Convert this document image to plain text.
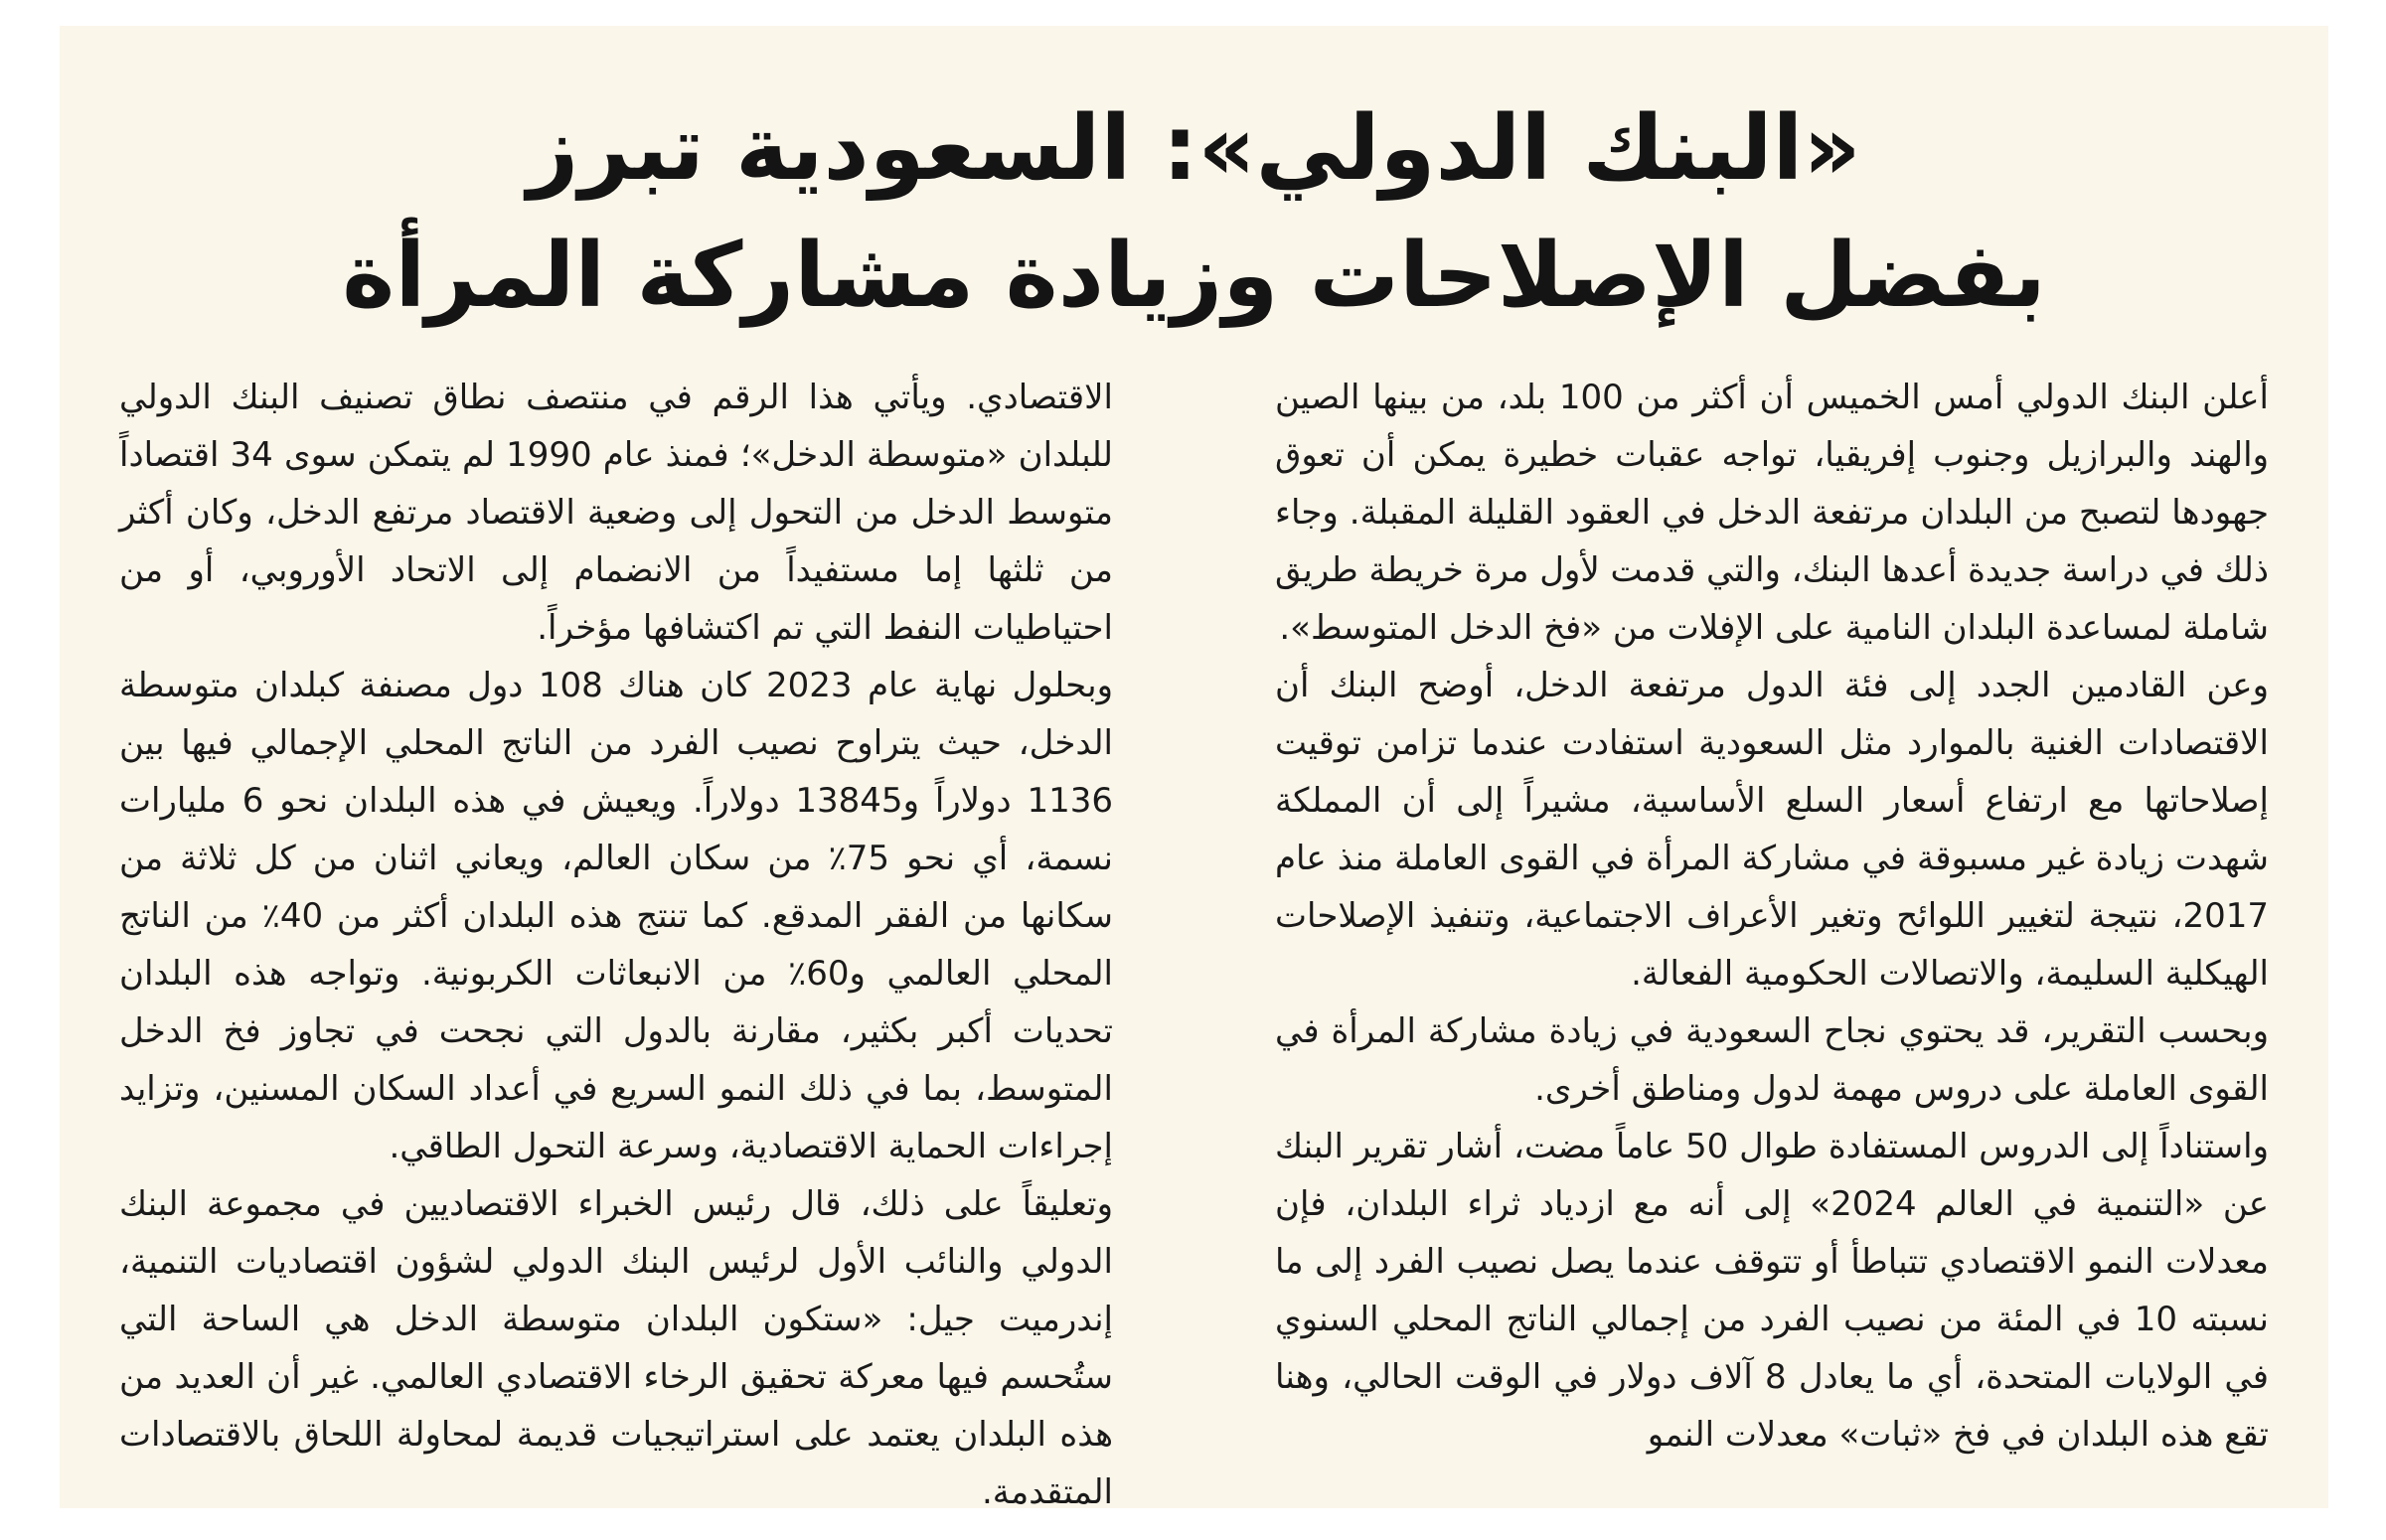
«البنك الدولي»: السعودية تبرز
بفضل الإصلاحات وزيادة مشاركة المرأة

أعلن البنك الدولي أمس الخميس أن أكثر من 100 بلد، من بينها الصين والهند والبرازيل وجنوب إفريقيا، تواجه عقبات خطيرة يمكن أن تعوق جهودها لتصبح من البلدان مرتفعة الدخل في العقود القليلة المقبلة. وجاء ذلك في دراسة جديدة أعدها البنك، والتي قدمت لأول مرة خريطة طريق شاملة لمساعدة البلدان النامية على الإفلات من «فخ الدخل المتوسط».

وعن القادمين الجدد إلى فئة الدول مرتفعة الدخل، أوضح البنك أن الاقتصادات الغنية بالموارد مثل السعودية استفادت عندما تزامن توقيت إصلاحاتها مع ارتفاع أسعار السلع الأساسية، مشيراً إلى أن المملكة شهدت زيادة غير مسبوقة في مشاركة المرأة في القوى العاملة منذ عام 2017، نتيجة لتغيير اللوائح وتغير الأعراف الاجتماعية، وتنفيذ الإصلاحات الهيكلية السليمة، والاتصالات الحكومية الفعالة.

وبحسب التقرير، قد يحتوي نجاح السعودية في زيادة مشاركة المرأة في القوى العاملة على دروس مهمة لدول ومناطق أخرى.

واستناداً إلى الدروس المستفادة طوال 50 عاماً مضت، أشار تقرير البنك عن «التنمية في العالم 2024» إلى أنه مع ازدياد ثراء البلدان، فإن معدلات النمو الاقتصادي تتباطأ أو تتوقف عندما يصل نصيب الفرد إلى ما نسبته 10 في المئة من نصيب الفرد من إجمالي الناتج المحلي السنوي في الولايات المتحدة، أي ما يعادل 8 آلاف دولار في الوقت الحالي، وهنا تقع هذه البلدان في فخ «ثبات» معدلات النمو

الاقتصادي. ويأتي هذا الرقم في منتصف نطاق تصنيف البنك الدولي للبلدان «متوسطة الدخل»؛ فمنذ عام 1990 لم يتمكن سوى 34 اقتصاداً متوسط الدخل من التحول إلى وضعية الاقتصاد مرتفع الدخل، وكان أكثر من ثلثها إما مستفيداً من الانضمام إلى الاتحاد الأوروبي، أو من احتياطيات النفط التي تم اكتشافها مؤخراً.

وبحلول نهاية عام 2023 كان هناك 108 دول مصنفة كبلدان متوسطة الدخل، حيث يتراوح نصيب الفرد من الناتج المحلي الإجمالي فيها بين 1136 دولاراً و13845 دولاراً. ويعيش في هذه البلدان نحو 6 مليارات نسمة، أي نحو 75٪ من سكان العالم، ويعاني اثنان من كل ثلاثة من سكانها من الفقر المدقع. كما تنتج هذه البلدان أكثر من 40٪ من الناتج المحلي العالمي و60٪ من الانبعاثات الكربونية. وتواجه هذه البلدان تحديات أكبر بكثير، مقارنة بالدول التي نجحت في تجاوز فخ الدخل المتوسط، بما في ذلك النمو السريع في أعداد السكان المسنين، وتزايد إجراءات الحماية الاقتصادية، وسرعة التحول الطاقي.

وتعليقاً على ذلك، قال رئيس الخبراء الاقتصاديين في مجموعة البنك الدولي والنائب الأول لرئيس البنك الدولي لشؤون اقتصاديات التنمية، إندرميت جيل: «ستكون البلدان متوسطة الدخل هي الساحة التي ستُحسم فيها معركة تحقيق الرخاء الاقتصادي العالمي. غير أن العديد من هذه البلدان يعتمد على استراتيجيات قديمة لمحاولة اللحاق بالاقتصادات المتقدمة.
